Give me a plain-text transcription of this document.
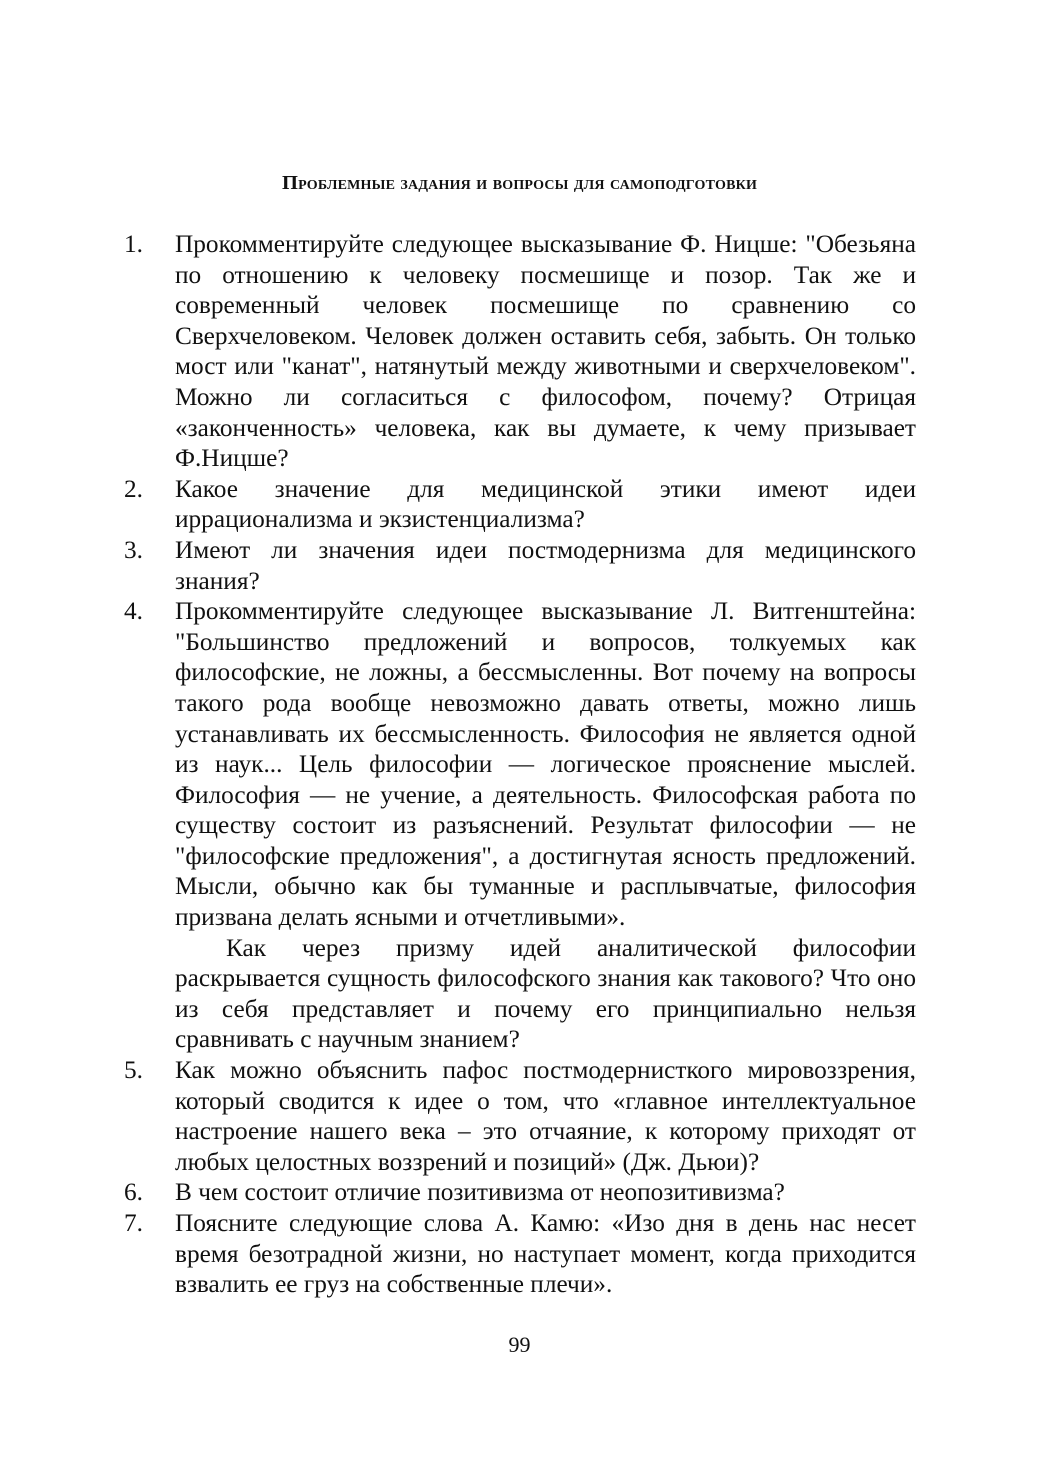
Проблемные задания и вопросы для самоподготовки
1. Прокомментируйте следующее высказывание Ф. Ницше: "Обезьяна по отношению к человеку посмешище и позор. Так же и современный человек посмешище по сравнению со Сверхчеловеком. Человек должен оставить себя, забыть. Он только мост или "канат", натянутый между животными и сверхчеловеком". Можно ли согласиться с философом, почему? Отрицая «законченность» человека, как вы думаете, к чему призывает Ф.Ницше?
2. Какое значение для медицинской этики имеют идеи иррационализма и экзистенциализма?
3. Имеют ли значения идеи постмодернизма для медицинского знания?
4. Прокомментируйте следующее высказывание Л. Витгенштейна: "Большинство предложений и вопросов, толкуемых как философские, не ложны, а бессмысленны. Вот почему на вопросы такого рода вообще невозможно давать ответы, можно лишь устанавливать их бессмысленность. Философия не является одной из наук... Цель философии — логическое прояснение мыслей. Философия — не учение, а деятельность. Философская работа по существу состоит из разъяснений. Результат философии — не "философские предложения", а достигнутая ясность предложений. Мысли, обычно как бы туманные и расплывчатые, философия призвана делать ясными и отчетливыми».
Как через призму идей аналитической философии раскрывается сущность философского знания как такового? Что оно из себя представляет и почему его принципиально нельзя сравнивать с научным знанием?
5. Как можно объяснить пафос постмодернисткого мировоззрения, который сводится к идее о том, что «главное интеллектуальное настроение нашего века – это отчаяние, к которому приходят от любых целостных воззрений и позиций» (Дж. Дьюи)?
6. В чем состоит отличие позитивизма от неопозитивизма?
7. Поясните следующие слова А. Камю: «Изо дня в день нас несет время безотрадной жизни, но наступает момент, когда приходится взвалить ее груз на собственные плечи».
99
